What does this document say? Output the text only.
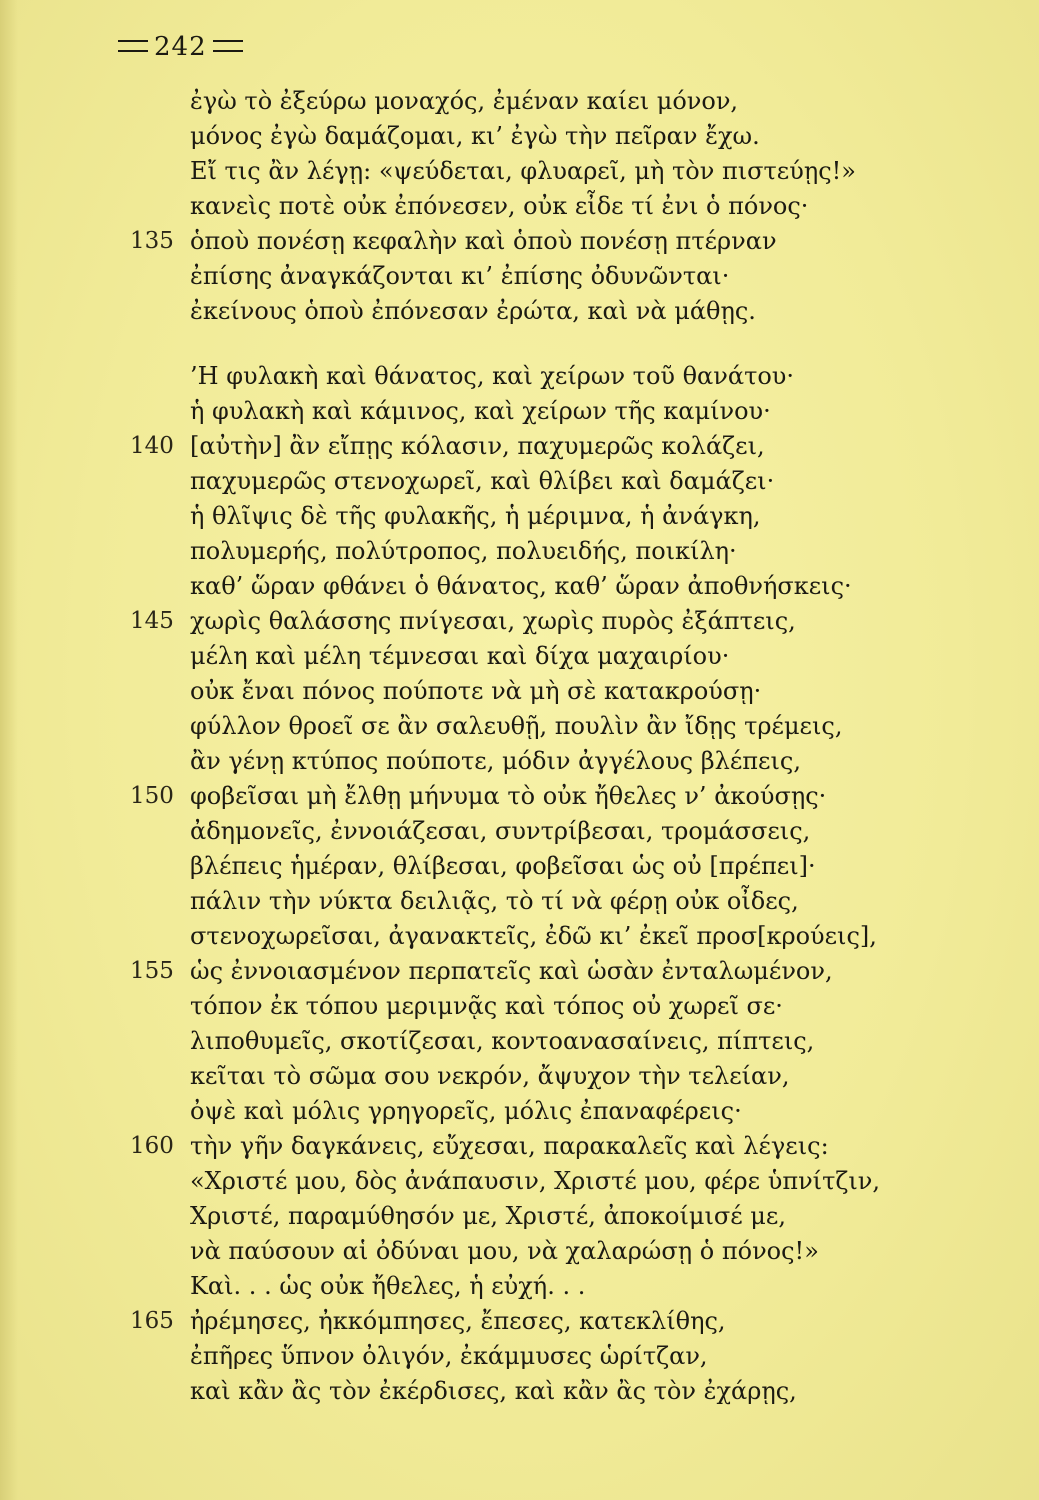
242
ἐγὼ τὸ ἐξεύρω μοναχός, ἐμέναν καίει μόνον,
μόνος ἐγὼ δαμάζομαι, κι’ ἐγὼ τὴν πεῖραν ἔχω.
Εἴ τις ἂν λέγῃ: «ψεύδεται, φλυαρεῖ, μὴ τὸν πιστεύῃς!»
κανεὶς ποτὲ οὐκ ἐπόνεσεν, οὐκ εἶδε τί ἐνι ὁ πόνος·
135 ὁποὺ πονέσῃ κεφαλὴν καὶ ὁποὺ πονέσῃ πτέρναν
ἐπίσης ἀναγκάζονται κι’ ἐπίσης ὀδυνῶνται·
ἐκείνους ὁποὺ ἐπόνεσαν ἐρώτα, καὶ νὰ μάθῃς.
’Η φυλακὴ καὶ θάνατος, καὶ χείρων τοῦ θανάτου·
ἡ φυλακὴ καὶ κάμινος, καὶ χείρων τῆς καμίνου·
140 [αὐτὴν] ἂν εἴπῃς κόλασιν, παχυμερῶς κολάζει,
παχυμερῶς στενοχωρεῖ, καὶ θλίβει καὶ δαμάζει·
ἡ θλῖψις δὲ τῆς φυλακῆς, ἡ μέριμνα, ἡ ἀνάγκη,
πολυμερής, πολύτροπος, πολυειδής, ποικίλη·
καθ’ ὥραν φθάνει ὁ θάνατος, καθ’ ὥραν ἀποθνήσκεις·
145 χωρὶς θαλάσσης πνίγεσαι, χωρὶς πυρὸς ἐξάπτεις,
μέλη καὶ μέλη τέμνεσαι καὶ δίχα μαχαιρίου·
οὐκ ἔναι πόνος πούποτε νὰ μὴ σὲ κατακρούσῃ·
φύλλον θροεῖ σε ἂν σαλευθῇ, πουλὶν ἂν ἴδῃς τρέμεις,
ἂν γένῃ κτύπος πούποτε, μόδιν ἀγγέλους βλέπεις,
150 φοβεῖσαι μὴ ἔλθῃ μήνυμα τὸ οὐκ ἤθελες ν’ ἀκούσῃς·
ἀδημονεῖς, ἐννοιάζεσαι, συντρίβεσαι, τρομάσσεις,
βλέπεις ἡμέραν, θλίβεσαι, φοβεῖσαι ὡς οὐ [πρέπει]·
πάλιν τὴν νύκτα δειλιᾷς, τὸ τί νὰ φέρῃ οὐκ οἶδες,
στενοχωρεῖσαι, ἀγανακτεῖς, ἐδῶ κι’ ἐκεῖ προσ[κρούεις],
155 ὡς ἐννοιασμένον περπατεῖς καὶ ὡσὰν ἐνταλωμένον,
τόπον ἐκ τόπου μεριμνᾷς καὶ τόπος οὐ χωρεῖ σε·
λιποθυμεῖς, σκοτίζεσαι, κοντοανασαίνεις, πίπτεις,
κεῖται τὸ σῶμα σου νεκρόν, ἄψυχον τὴν τελείαν,
ὀψὲ καὶ μόλις γρηγορεῖς, μόλις ἐπαναφέρεις·
160 τὴν γῆν δαγκάνεις, εὔχεσαι, παρακαλεῖς καὶ λέγεις:
«Χριστέ μου, δὸς ἀνάπαυσιν, Χριστέ μου, φέρε ὑπνίτζιν,
Χριστέ, παραμύθησόν με, Χριστέ, ἀποκοίμισέ με,
νὰ παύσουν αἱ ὀδύναι μου, νὰ χαλαρώσῃ ὁ πόνος!»
Καὶ. . . ὡς οὐκ ἤθελες, ἡ εὐχή. . .
165 ἠρέμησες, ἠκκόμπησες, ἔπεσες, κατεκλίθης,
ἐπῆρες ὕπνον ὀλιγόν, ἐκάμμυσες ὡρίτζαν,
καὶ κἂν ἂς τὸν ἐκέρδισες, καὶ κἂν ἂς τὸν ἐχάρῃς,
